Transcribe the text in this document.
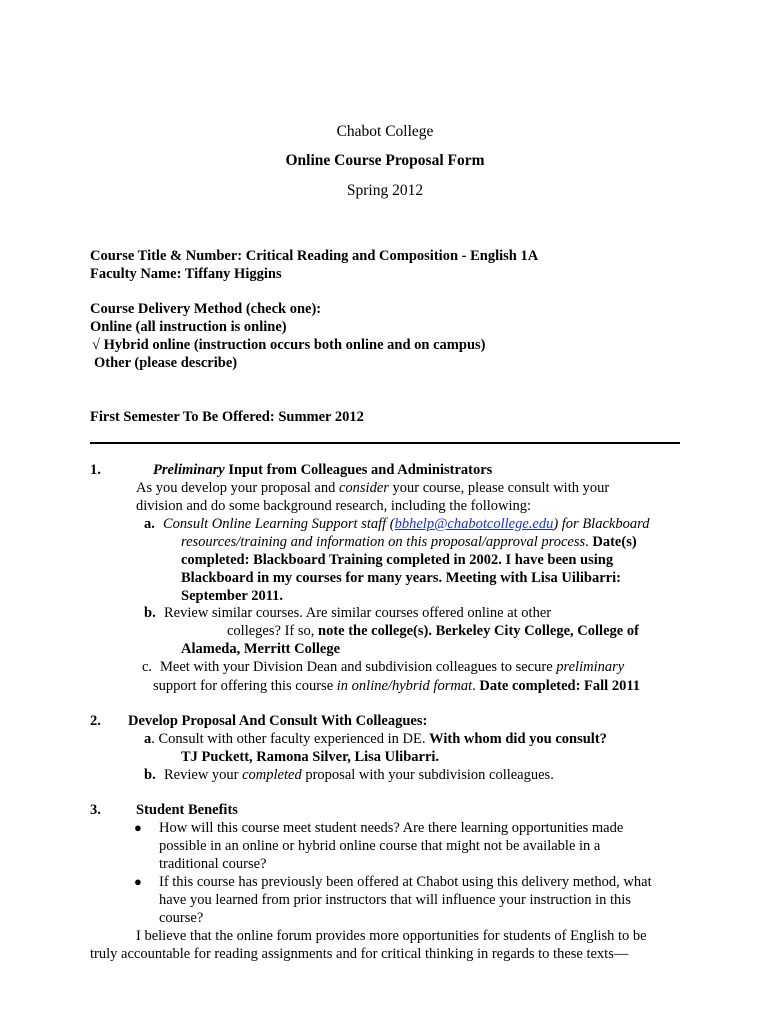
Chabot College
Online Course Proposal Form
Spring 2012
Course Title & Number: Critical Reading and Composition - English 1A
Faculty Name: Tiffany Higgins
Course Delivery Method (check one):
Online (all instruction is online)
√ Hybrid online (instruction occurs both online and on campus)
Other (please describe)
First Semester To Be Offered: Summer 2012
1.	Preliminary Input from Colleagues and Administrators
As you develop your proposal and consider your course, please consult with your
division and do some background research, including the following:
a. Consult Online Learning Support staff (bbhelp@chabotcollege.edu) for Blackboard
resources/training and information on this proposal/approval process. Date(s)
completed: Blackboard Training completed in 2002. I have been using
Blackboard in my courses for many years. Meeting with Lisa Uilibarri:
September 2011.
b. Review similar courses. Are similar courses offered online at other
colleges? If so, note the college(s). Berkeley City College, College of
Alameda, Merritt College
c. Meet with your Division Dean and subdivision colleagues to secure preliminary
support for offering this course in online/hybrid format. Date completed: Fall 2011
2. Develop Proposal And Consult With Colleagues:
a. Consult with other faculty experienced in DE. With whom did you consult?
TJ Puckett, Ramona Silver, Lisa Ulibarri.
b. Review your completed proposal with your subdivision colleagues.
3. Student Benefits
● How will this course meet student needs? Are there learning opportunities made
possible in an online or hybrid online course that might not be available in a
traditional course?
● If this course has previously been offered at Chabot using this delivery method, what
have you learned from prior instructors that will influence your instruction in this
course?
I believe that the online forum provides more opportunities for students of English to be
truly accountable for reading assignments and for critical thinking in regards to these texts—
